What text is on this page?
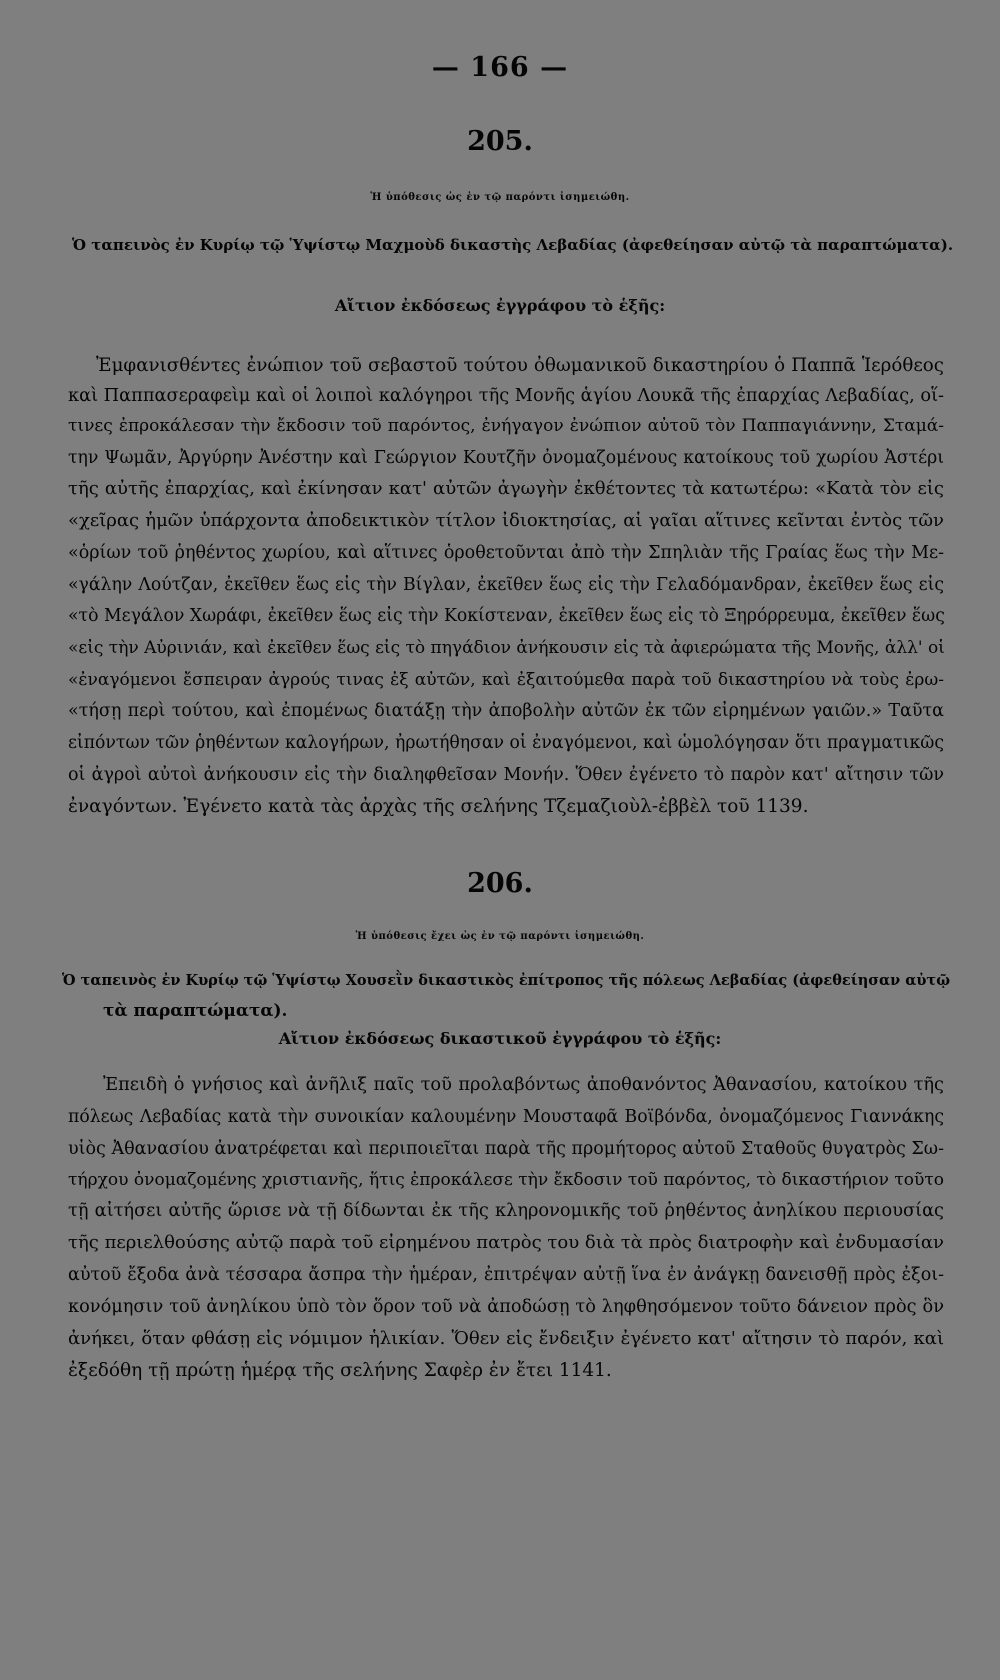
— 166 —
205.
Ἡ ὑπόθεσις ὡς ἐν τῷ παρόντι ἰσημειώθη.
Ὁ ταπεινὸς ἐν Κυρίῳ τῷ Ὑψίστῳ Μαχμοὺδ δικαστὴς Λεβαδίας (ἀφεθείησαν αὐτῷ τὰ παραπτώματα).
Αἴτιον ἐκδόσεως ἐγγράφου τὸ ἑξῆς:
Ἐμφανισθέντες ἐνώπιον τοῦ σεβαστοῦ τούτου ὀθωμανικοῦ δικαστηρίου ὁ Παππᾶ Ἱερόθεος
καὶ Παππασεραφεὶμ καὶ οἱ λοιποὶ καλόγηροι τῆς Μονῆς ἁγίου Λουκᾶ τῆς ἐπαρχίας Λεβαδίας, οἵ-
τινες ἐπροκάλεσαν τὴν ἔκδοσιν τοῦ παρόντος, ἐνήγαγον ἐνώπιον αὐτοῦ τὸν Παππαγιάννην, Σταμά-
την Ψωμᾶν, Ἀργύρην Ἀνέστην καὶ Γεώργιον Κουτζῆν ὀνομαζομένους κατοίκους τοῦ χωρίου Ἀστέρι
τῆς αὐτῆς ἐπαρχίας, καὶ ἐκίνησαν κατ' αὐτῶν ἀγωγὴν ἐκθέτοντες τὰ κατωτέρω: «Κατὰ τὸν εἰς
«χεῖρας ἡμῶν ὑπάρχοντα ἀποδεικτικὸν τίτλον ἰδιοκτησίας, αἱ γαῖαι αἵτινες κεῖνται ἐντὸς τῶν
«ὁρίων τοῦ ῥηθέντος χωρίου, καὶ αἵτινες ὁροθετοῦνται ἀπὸ τὴν Σπηλιὰν τῆς Γραίας ἕως τὴν Με-
«γάλην Λούτζαν, ἐκεῖθεν ἕως εἰς τὴν Βίγλαν, ἐκεῖθεν ἕως εἰς τὴν Γελαδόμανδραν, ἐκεῖθεν ἕως εἰς
«τὸ Μεγάλον Χωράφι, ἐκεῖθεν ἕως εἰς τὴν Κοκίστεναν, ἐκεῖθεν ἕως εἰς τὸ Ξηρόρρευμα, ἐκεῖθεν ἕως
«εἰς τὴν Αὐρινιάν, καὶ ἐκεῖθεν ἕως εἰς τὸ πηγάδιον ἀνήκουσιν εἰς τὰ ἀφιερώματα τῆς Μονῆς, ἀλλ' οἱ
«ἐναγόμενοι ἔσπειραν ἀγρούς τινας ἐξ αὐτῶν, καὶ ἐξαιτούμεθα παρὰ τοῦ δικαστηρίου νὰ τοὺς ἐρω-
«τήσῃ περὶ τούτου, καὶ ἐπομένως διατάξῃ τὴν ἀποβολὴν αὐτῶν ἐκ τῶν εἰρημένων γαιῶν.» Ταῦτα
εἰπόντων τῶν ῥηθέντων καλογήρων, ἠρωτήθησαν οἱ ἐναγόμενοι, καὶ ὡμολόγησαν ὅτι πραγματικῶς
οἱ ἀγροὶ αὐτοὶ ἀνήκουσιν εἰς τὴν διαληφθεῖσαν Μονήν. Ὅθεν ἐγένετο τὸ παρὸν κατ' αἴτησιν τῶν
ἐναγόντων. Ἐγένετο κατὰ τὰς ἀρχὰς τῆς σελήνης Τζεμαζιοὺλ-ἐββὲλ τοῦ 1139.
206.
Ἡ ὑπόθεσις ἔχει ὡς ἐν τῷ παρόντι ἰσημειώθη.
Ὁ ταπεινὸς ἐν Κυρίῳ τῷ Ὑψίστῳ Χουσεῒν δικαστικὸς ἐπίτροπος τῆς πόλεως Λεβαδίας (ἀφεθείησαν αὐτῷ
τὰ παραπτώματα).
Αἴτιον ἐκδόσεως δικαστικοῦ ἐγγράφου τὸ ἑξῆς:
Ἐπειδὴ ὁ γνήσιος καὶ ἀνῆλιξ παῖς τοῦ προλαβόντως ἀποθανόντος Ἀθανασίου, κατοίκου τῆς
πόλεως Λεβαδίας κατὰ τὴν συνοικίαν καλουμένην Μουσταφᾶ Βοϊβόνδα, ὀνομαζόμενος Γιαννάκης
υἱὸς Ἀθανασίου ἀνατρέφεται καὶ περιποιεῖται παρὰ τῆς προμήτορος αὐτοῦ Σταθοῦς θυγατρὸς Σω-
τήρχου ὀνομαζομένης χριστιανῆς, ἥτις ἐπροκάλεσε τὴν ἔκδοσιν τοῦ παρόντος, τὸ δικαστήριον τοῦτο
τῇ αἰτήσει αὐτῆς ὥρισε νὰ τῇ δίδωνται ἐκ τῆς κληρονομικῆς τοῦ ῥηθέντος ἀνηλίκου περιουσίας
τῆς περιελθούσης αὐτῷ παρὰ τοῦ εἰρημένου πατρὸς του διὰ τὰ πρὸς διατροφὴν καὶ ἐνδυμασίαν
αὐτοῦ ἔξοδα ἀνὰ τέσσαρα ἄσπρα τὴν ἡμέραν, ἐπιτρέψαν αὐτῇ ἵνα ἐν ἀνάγκῃ δανεισθῇ πρὸς ἐξοι-
κονόμησιν τοῦ ἀνηλίκου ὑπὸ τὸν ὅρον τοῦ νὰ ἀποδώσῃ τὸ ληφθησόμενον τοῦτο δάνειον πρὸς ὃν
ἀνήκει, ὅταν φθάσῃ εἰς νόμιμον ἡλικίαν. Ὅθεν εἰς ἔνδειξιν ἐγένετο κατ' αἴτησιν τὸ παρόν, καὶ
ἐξεδόθη τῇ πρώτῃ ἡμέρᾳ τῆς σελήνης Σαφὲρ ἐν ἔτει 1141.
